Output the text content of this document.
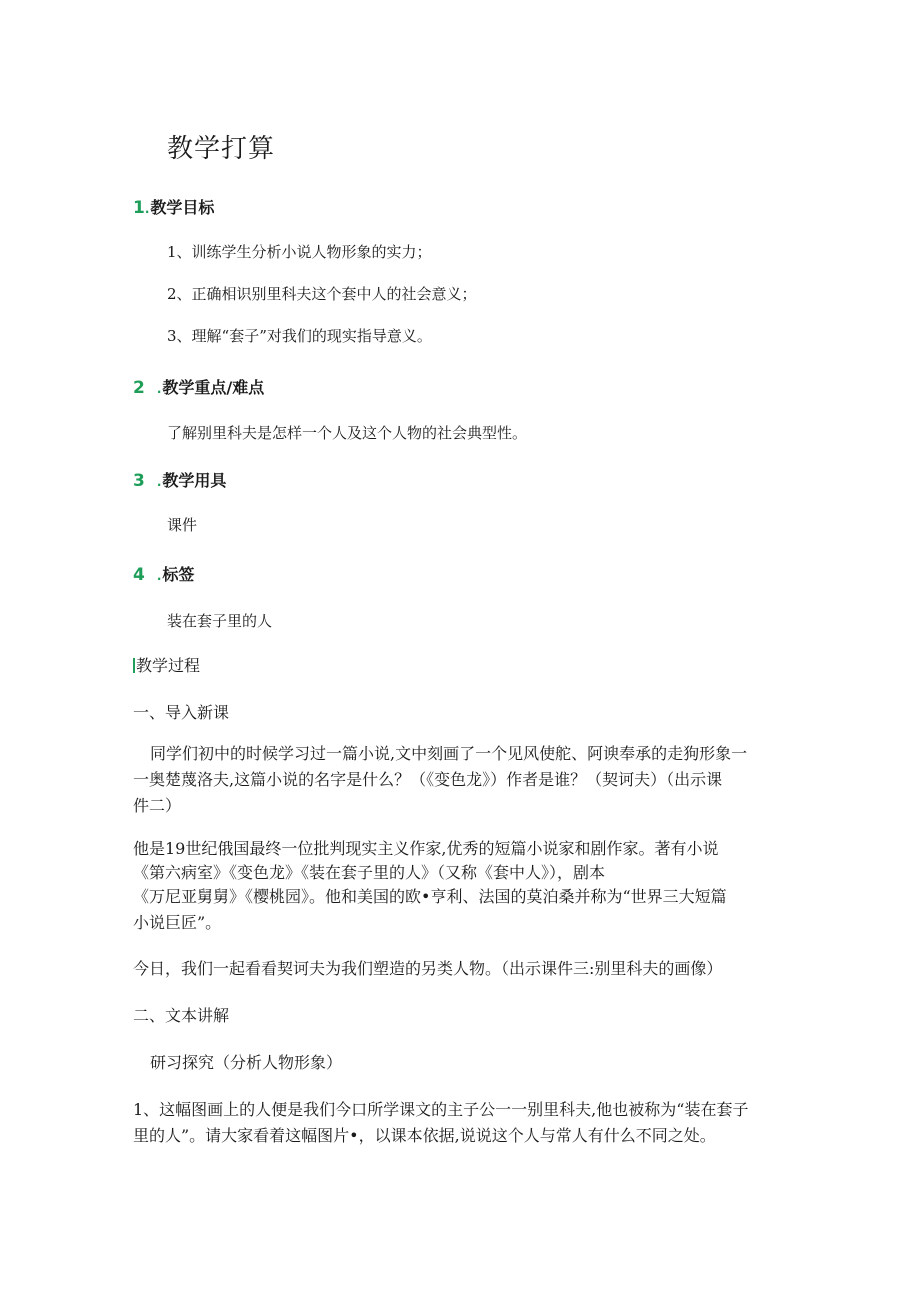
教学打算
1.教学目标
1、训练学生分析小说人物形象的实力；
2、正确相识别里科夫这个套中人的社会意义；
3、理解“套子”对我们的现实指导意义。
2 .教学重点/难点
了解别里科夫是怎样一个人及这个人物的社会典型性。
3 .教学用具
课件
4 .标签
装在套子里的人
教学过程
一、导入新课
同学们初中的时候学习过一篇小说,文中刻画了一个见风使舵、阿谀奉承的走狗形象一
一奥楚蔑洛夫,这篇小说的名字是什么？（《变色龙》）作者是谁？（契诃夫）（出示课
件二）
他是19世纪俄国最终一位批判现实主义作家,优秀的短篇小说家和剧作家。著有小说
《第六病室》《变色龙》《装在套子里的人》（又称《套中人》），剧本
《万尼亚舅舅》《樱桃园》。他和美国的欧•亨利、法国的莫泊桑并称为“世界三大短篇
小说巨匠”。
今日，我们一起看看契诃夫为我们塑造的另类人物。（出示课件三:别里科夫的画像）
二、文本讲解
研习探究（分析人物形象）
1、这幅图画上的人便是我们今口所学课文的主子公一一别里科夫,他也被称为“装在套子
里的人”。请大家看着这幅图片•，以课本依据,说说这个人与常人有什么不同之处。
